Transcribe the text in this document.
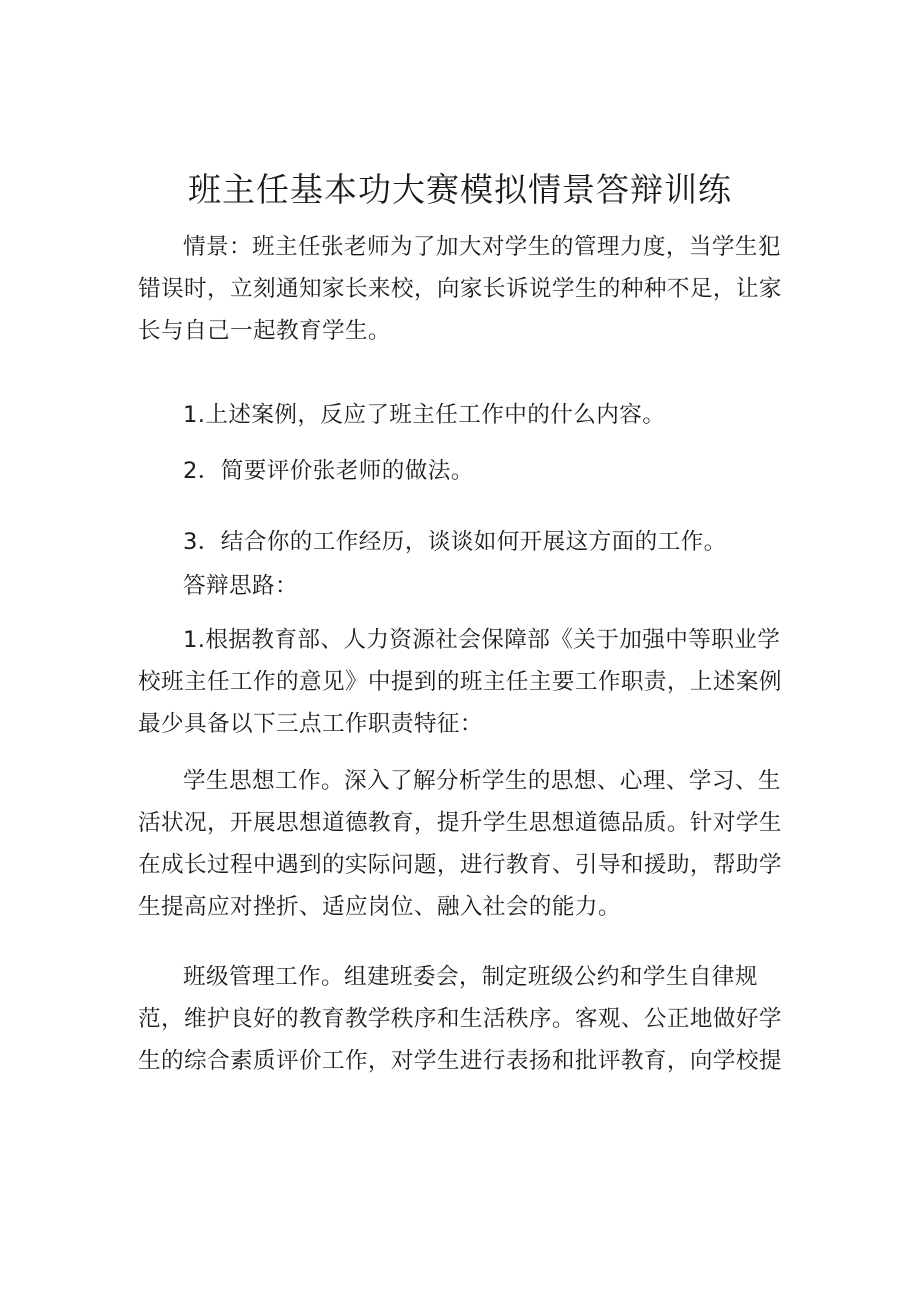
班主任基本功大赛模拟情景答辩训练

情景：班主任张老师为了加大对学生的管理力度，当学生犯错误时，立刻通知家长来校，向家长诉说学生的种种不足，让家长与自己一起教育学生。

1.上述案例，反应了班主任工作中的什么内容。

2．简要评价张老师的做法。

3．结合你的工作经历，谈谈如何开展这方面的工作。

答辩思路：

1.根据教育部、人力资源社会保障部《关于加强中等职业学校班主任工作的意见》中提到的班主任主要工作职责，上述案例最少具备以下三点工作职责特征：

学生思想工作。深入了解分析学生的思想、心理、学习、生活状况，开展思想道德教育，提升学生思想道德品质。针对学生在成长过程中遇到的实际问题，进行教育、引导和援助，帮助学生提高应对挫折、适应岗位、融入社会的能力。

班级管理工作。组建班委会，制定班级公约和学生自律规范，维护良好的教育教学秩序和生活秩序。客观、公正地做好学生的综合素质评价工作，对学生进行表扬和批评教育，向学校提
